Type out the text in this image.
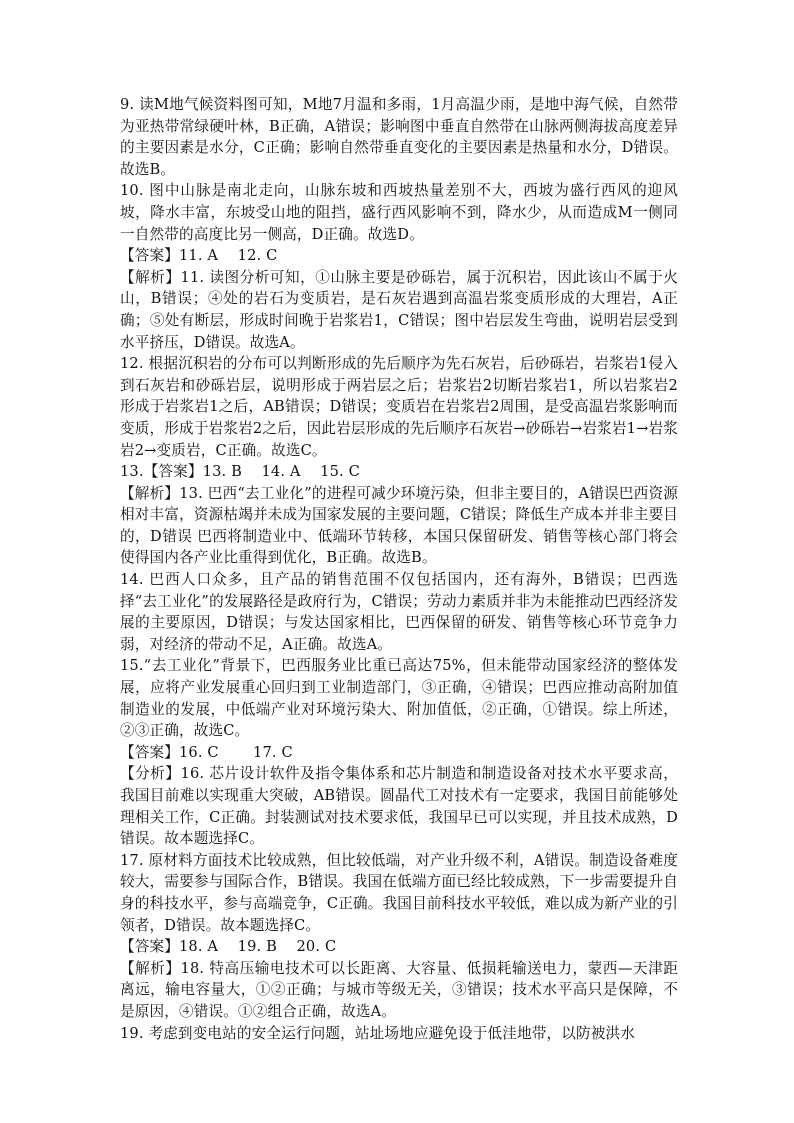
9. 读M地气候资料图可知，M地7月温和多雨，1月高温少雨，是地中海气候，自然带为亚热带常绿硬叶林，B正确，A错误；影响图中垂直自然带在山脉两侧海拔高度差异的主要因素是水分，C正确；影响自然带垂直变化的主要因素是热量和水分，D错误。故选B。

10. 图中山脉是南北走向，山脉东坡和西坡热量差别不大，西坡为盛行西风的迎风坡，降水丰富，东坡受山地的阻挡，盛行西风影响不到，降水少，从而造成M一侧同一自然带的高度比另一侧高，D正确。故选D。

【答案】11. A　 12. C

【解析】11. 读图分析可知，①山脉主要是砂砾岩，属于沉积岩，因此该山不属于火山，B错误；④处的岩石为变质岩，是石灰岩遇到高温岩浆变质形成的大理岩，A正确；⑤处有断层，形成时间晚于岩浆岩1，C错误；图中岩层发生弯曲，说明岩层受到水平挤压，D错误。故选A。

12. 根据沉积岩的分布可以判断形成的先后顺序为先石灰岩，后砂砾岩，岩浆岩1侵入到石灰岩和砂砾岩层，说明形成于两岩层之后；岩浆岩2切断岩浆岩1，所以岩浆岩2形成于岩浆岩1之后，AB错误；D错误；变质岩在岩浆岩2周围，是受高温岩浆影响而变质，形成于岩浆岩2之后，因此岩层形成的先后顺序石灰岩→砂砾岩→岩浆岩1→岩浆岩2→变质岩，C正确。故选C。

13.【答案】13. B　 14. A　 15. C

【解析】13. 巴西“去工业化”的进程可减少环境污染，但非主要目的，A错误巴西资源相对丰富，资源枯竭并未成为国家发展的主要问题，C错误；降低生产成本并非主要目的，D错误 巴西将制造业中、低端环节转移，本国只保留研发、销售等核心部门将会使得国内各产业比重得到优化，B正确。故选B。

14. 巴西人口众多，且产品的销售范围不仅包括国内，还有海外，B错误；巴西选择“去工业化”的发展路径是政府行为，C错误；劳动力素质并非为未能推动巴西经济发展的主要原因，D错误；与发达国家相比，巴西保留的研发、销售等核心环节竞争力弱，对经济的带动不足，A正确。故选A。

15.“去工业化”背景下，巴西服务业比重已高达75%，但未能带动国家经济的整体发展，应将产业发展重心回归到工业制造部门，③正确，④错误；巴西应推动高附加值制造业的发展，中低端产业对环境污染大、附加值低，②正确，①错误。综上所述，②③正确，故选C。

【答案】16. C　　 17. C

【分析】16. 芯片设计软件及指令集体系和芯片制造和制造设备对技术水平要求高，我国目前难以实现重大突破，AB错误。圆晶代工对技术有一定要求，我国目前能够处理相关工作，C正确。封装测试对技术要求低，我国早已可以实现，并且技术成熟，D错误。故本题选择C。

17. 原材料方面技术比较成熟，但比较低端，对产业升级不利，A错误。制造设备难度较大，需要参与国际合作，B错误。我国在低端方面已经比较成熟，下一步需要提升自身的科技水平，参与高端竞争，C正确。我国目前科技水平较低，难以成为新产业的引领者，D错误。故本题选择C。

【答案】18. A　 19. B　 20. C

【解析】18. 特高压输电技术可以长距离、大容量、低损耗输送电力，蒙西—天津距离远，输电容量大，①②正确；与城市等级无关，③错误；技术水平高只是保障，不是原因，④错误。①②组合正确，故选A。

19. 考虑到变电站的安全运行问题，站址场地应避免设于低洼地带，以防被洪水
